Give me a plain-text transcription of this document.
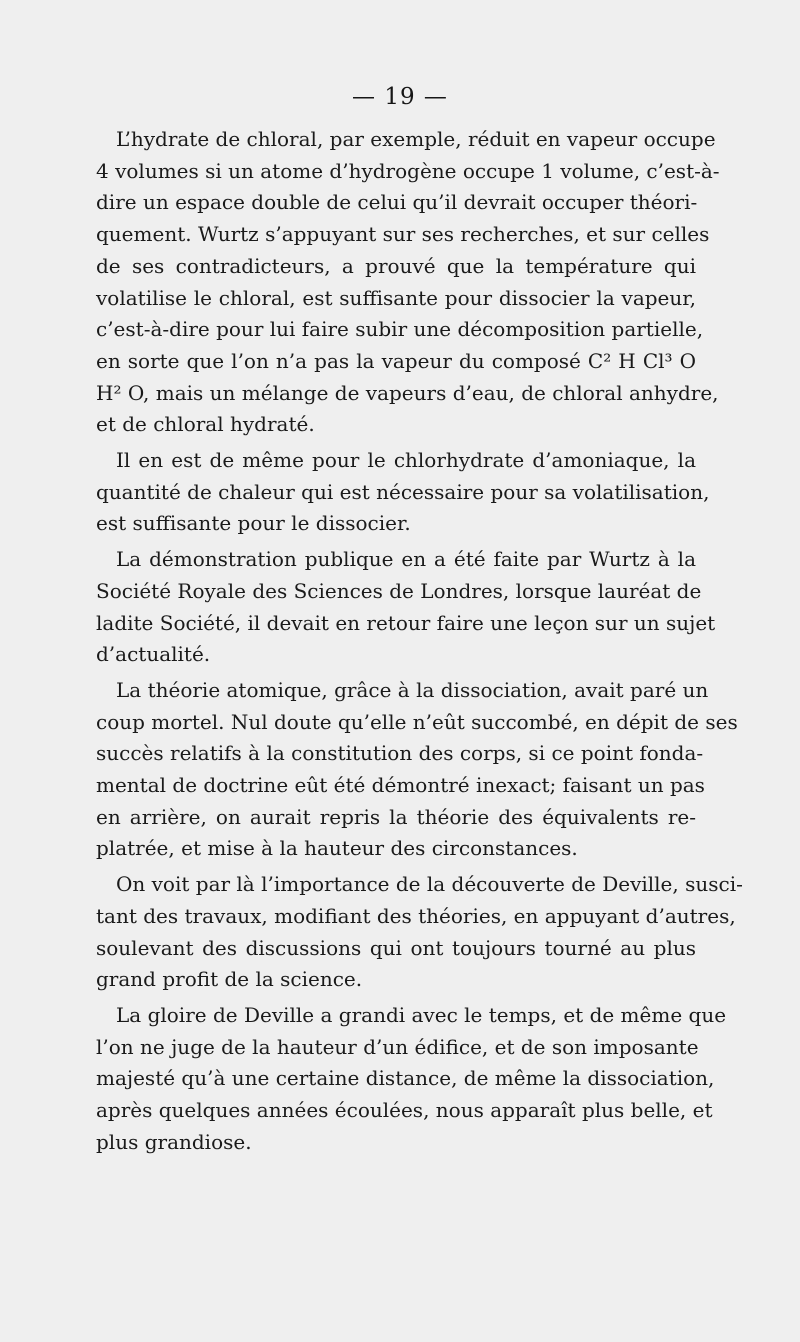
— 19 —

L’hydrate de chloral, par exemple, réduit en vapeur occupe
4 volumes si un atome d’hydrogène occupe 1 volume, c’est-à-
dire un espace double de celui qu’il devrait occuper théori-
quement. Wurtz s’appuyant sur ses recherches, et sur celles
de ses contradicteurs, a prouvé que la température qui
volatilise le chloral, est suffisante pour dissocier la vapeur,
c’est-à-dire pour lui faire subir une décomposition partielle,
en sorte que l’on n’a pas la vapeur du composé C² H Cl³ O
H² O, mais un mélange de vapeurs d’eau, de chloral anhydre,
et de chloral hydraté.

Il en est de même pour le chlorhydrate d’amoniaque, la
quantité de chaleur qui est nécessaire pour sa volatilisation,
est suffisante pour le dissocier.

La démonstration publique en a été faite par Wurtz à la
Société Royale des Sciences de Londres, lorsque lauréat de
ladite Société, il devait en retour faire une leçon sur un sujet
d’actualité.

La théorie atomique, grâce à la dissociation, avait paré un
coup mortel. Nul doute qu’elle n’eût succombé, en dépit de ses
succès relatifs à la constitution des corps, si ce point fonda-
mental de doctrine eût été démontré inexact; faisant un pas
en arrière, on aurait repris la théorie des équivalents re-
platrée, et mise à la hauteur des circonstances.

On voit par là l’importance de la découverte de Deville, susci-
tant des travaux, modifiant des théories, en appuyant d’autres,
soulevant des discussions qui ont toujours tourné au plus
grand profit de la science.

La gloire de Deville a grandi avec le temps, et de même que
l’on ne juge de la hauteur d’un édifice, et de son imposante
majesté qu’à une certaine distance, de même la dissociation,
après quelques années écoulées, nous apparaît plus belle, et
plus grandiose.
